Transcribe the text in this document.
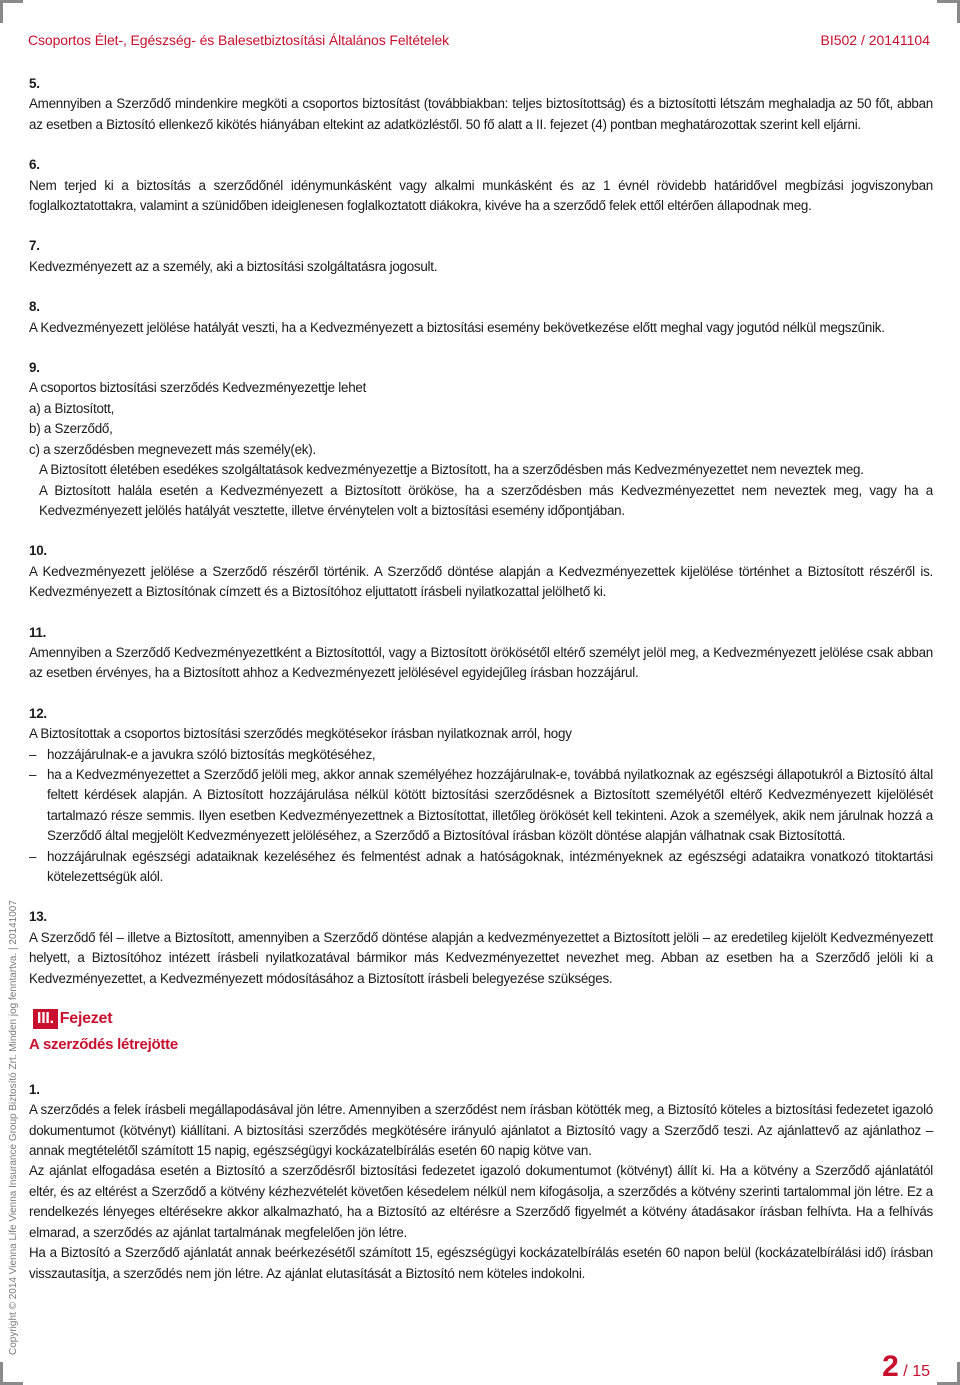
Csoportos Élet-, Egészség- és Balesetbiztosítási Általános Feltételek	BI502 / 20141104
Copyright © 2014 Vienna Life Vienna Insurance Group Biztosító Zrt. Minden jog fenntartva. | 20141007

5.

Amennyiben a Szerződő mindenkire megköti a csoportos biztosítást (továbbiakban: teljes biztosítottság) és a biztosítotti létszám meghaladja az 50 főt, abban az esetben a Biztosító ellenkező kikötés hiányában eltekint az adatközléstől. 50 fő alatt a II. fejezet (4) pontban meghatározottak szerint kell eljárni.

6.

Nem terjed ki a biztosítás a szerződőnél idénymunkásként vagy alkalmi munkásként és az 1 évnél rövidebb határidővel megbízási jogviszonyban foglalkoztatottakra, valamint a szünidőben ideiglenesen foglalkoztatott diákokra, kivéve ha a szerződő felek ettől eltérően állapodnak meg.

7.

Kedvezményezett az a személy, aki a biztosítási szolgáltatásra jogosult.

8.

A Kedvezményezett jelölése hatályát veszti, ha a Kedvezményezett a biztosítási esemény bekövetkezése előtt meghal vagy jogutód nélkül megszűnik.

9.

A csoportos biztosítási szerződés Kedvezményezettje lehet

a) a Biztosított,

b) a Szerződő,

c) a szerződésben megnevezett más személy(ek).

A Biztosított életében esedékes szolgáltatások kedvezményezettje a Biztosított, ha a szerződésben más Kedvezményezettet nem neveztek meg.

A Biztosított halála esetén a Kedvezményezett a Biztosított örököse, ha a szerződésben más Kedvezményezettet nem neveztek meg, vagy ha a Kedvezményezett jelölés hatályát vesztette, illetve érvénytelen volt a biztosítási esemény időpontjában.

10.

A Kedvezményezett jelölése a Szerződő részéről történik. A Szerződő döntése alapján a Kedvezményezettek kijelölése történhet a Biztosított részéről is. Kedvezményezett a Biztosítónak címzett és a Biztosítóhoz eljuttatott írásbeli nyilatkozattal jelölhető ki.

11.

Amennyiben a Szerződő Kedvezményezettként a Biztosítottól, vagy a Biztosított örökösétől eltérő személyt jelöl meg, a Kedvezményezett jelölése csak abban az esetben érvényes, ha a Biztosított ahhoz a Kedvezményezett jelölésével egyidejűleg írásban hozzájárul.

12.

A Biztosítottak a csoportos biztosítási szerződés megkötésekor írásban nyilatkoznak arról, hogy

– hozzájárulnak-e a javukra szóló biztosítás megkötéséhez,
– ha a Kedvezményezettet a Szerződő jelöli meg, akkor annak személyéhez hozzájárulnak-e, továbbá nyilatkoznak az egészségi állapotukról a Biztosító által feltett kérdések alapján. A Biztosított hozzájárulása nélkül kötött biztosítási szerződésnek a Biztosított személyétől eltérő Kedvezményezett kijelölését tartalmazó része semmis. Ilyen esetben Kedvezményezettnek a Biztosítottat, illetőleg örökösét kell tekinteni. Azok a személyek, akik nem járulnak hozzá a Szerződő által megjelölt Kedvezményezett jelöléséhez, a Szerződő a Biztosítóval írásban közölt döntése alapján válhatnak csak Biztosítottá.
– hozzájárulnak egészségi adataiknak kezeléséhez és felmentést adnak a hatóságoknak, intézményeknek az egészségi adataikra vonatkozó titoktartási kötelezettségük alól.

13.

A Szerződő fél – illetve a Biztosított, amennyiben a Szerződő döntése alapján a kedvezményezettet a Biztosított jelöli – az eredetileg kijelölt Kedvezményezett helyett, a Biztosítóhoz intézett írásbeli nyilatkozatával bármikor más Kedvezményezettet nevezhet meg. Abban az esetben ha a Szerződő jelöli ki a Kedvezményezettet, a Kedvezményezett módosításához a Biztosított írásbeli belegyezése szükséges.

III. Fejezet
A szerződés létrejötte

1.

A szerződés a felek írásbeli megállapodásával jön létre. Amennyiben a szerződést nem írásban kötötték meg, a Biztosító köteles a biztosítási fedezetet igazoló dokumentumot (kötvényt) kiállítani. A biztosítási szerződés megkötésére irányuló ajánlatot a Biztosító vagy a Szerződő teszi. Az ajánlattevő az ajánlathoz – annak megtételétől számított 15 napig, egészségügyi kockázatelbírálás esetén 60 napig kötve van.

Az ajánlat elfogadása esetén a Biztosító a szerződésről biztosítási fedezetet igazoló dokumentumot (kötvényt) állít ki. Ha a kötvény a Szerződő ajánlatától eltér, és az eltérést a Szerződő a kötvény kézhezvételét követően késedelem nélkül nem kifogásolja, a szerződés a kötvény szerinti tartalommal jön létre. Ez a rendelkezés lényeges eltérésekre akkor alkalmazható, ha a Biztosító az eltérésre a Szerződő figyelmét a kötvény átadásakor írásban felhívta. Ha a felhívás elmarad, a szerződés az ajánlat tartalmának megfelelően jön létre.

Ha a Biztosító a Szerződő ajánlatát annak beérkezésétől számított 15, egészségügyi kockázatelbírálás esetén 60 napon belül (kockázatelbírálási idő) írásban visszautasítja, a szerződés nem jön létre. Az ajánlat elutasítását a Biztosító nem köteles indokolni.

2 / 15
